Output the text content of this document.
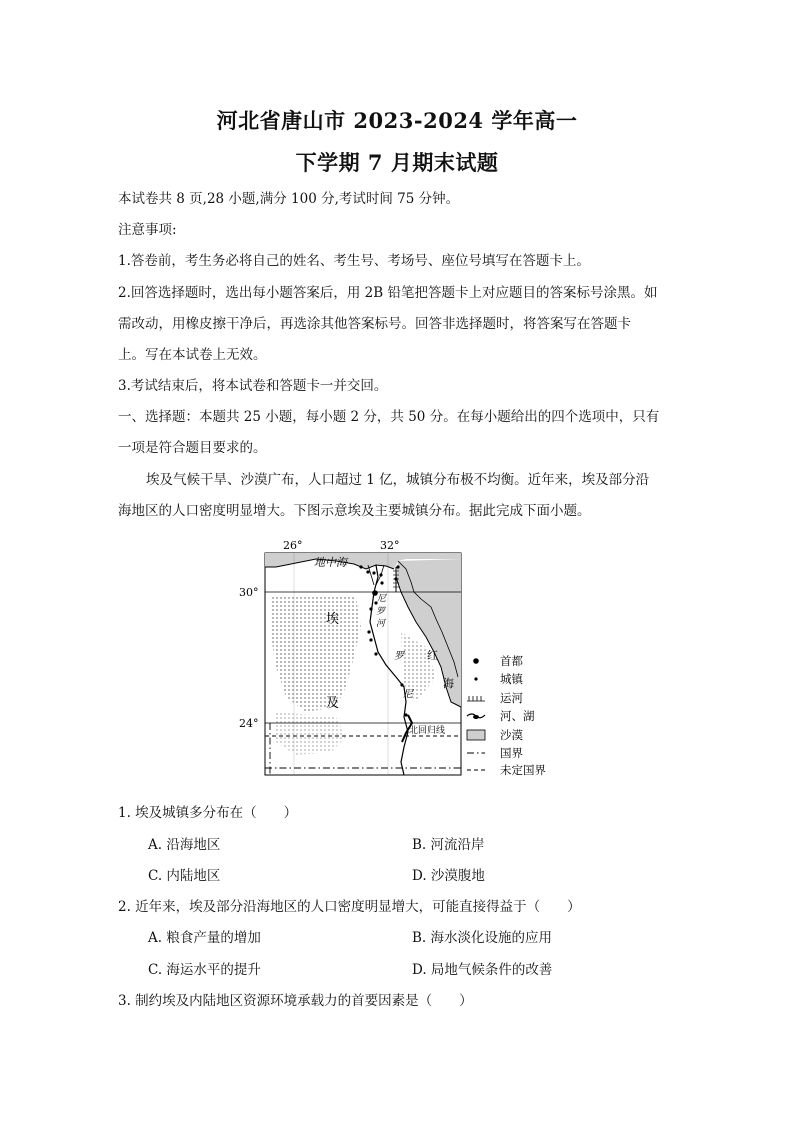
河北省唐山市 2023-2024 学年高一
下学期 7 月期末试题
本试卷共 8 页,28 小题,满分 100 分,考试时间 75 分钟。
注意事项:
1.答卷前，考生务必将自己的姓名、考生号、考场号、座位号填写在答题卡上。
2.回答选择题时，选出每小题答案后，用 2B 铅笔把答题卡上对应题目的答案标号涂黑。如
需改动，用橡皮擦干净后，再选涂其他答案标号。回答非选择题时，将答案写在答题卡
上。写在本试卷上无效。
3.考试结束后，将本试卷和答题卡一并交回。
一、选择题：本题共 25 小题，每小题 2 分，共 50 分。在每小题给出的四个选项中，只有
一项是符合题目要求的。
埃及气候干旱、沙漠广布，人口超过 1 亿，城镇分布极不均衡。近年来，埃及部分沿
海地区的人口密度明显增大。下图示意埃及主要城镇分布。据此完成下面小题。
26°	32°
30°
24°
地中海
红
海
埃
及
尼
罗
河
罗
尼
北回归线
首都
城镇
运河
河、湖
沙漠
国界
未定国界
1. 埃及城镇多分布在（　　）
A. 沿海地区	B. 河流沿岸
C. 内陆地区	D. 沙漠腹地
2. 近年来，埃及部分沿海地区的人口密度明显增大，可能直接得益于（　　）
A. 粮食产量的增加	B. 海水淡化设施的应用
C. 海运水平的提升	D. 局地气候条件的改善
3. 制约埃及内陆地区资源环境承载力的首要因素是（　　）
